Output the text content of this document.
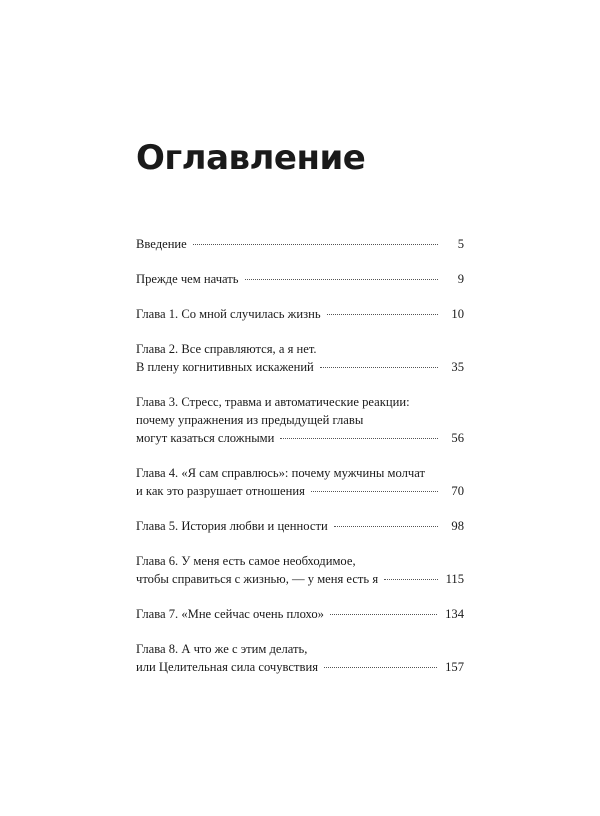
Оглавление
Введение	5
Прежде чем начать	9
Глава 1. Со мной случилась жизнь	10
Глава 2. Все справляются, а я нет.
В плену когнитивных искажений	35
Глава 3. Стресс, травма и автоматические реакции:
почему упражнения из предыдущей главы
могут казаться сложными	56
Глава 4. «Я сам справлюсь»: почему мужчины молчат
и как это разрушает отношения	70
Глава 5. История любви и ценности	98
Глава 6. У меня есть самое необходимое,
чтобы справиться с жизнью, — у меня есть я	115
Глава 7. «Мне сейчас очень плохо»	134
Глава 8. А что же с этим делать,
или Целительная сила сочувствия	157
